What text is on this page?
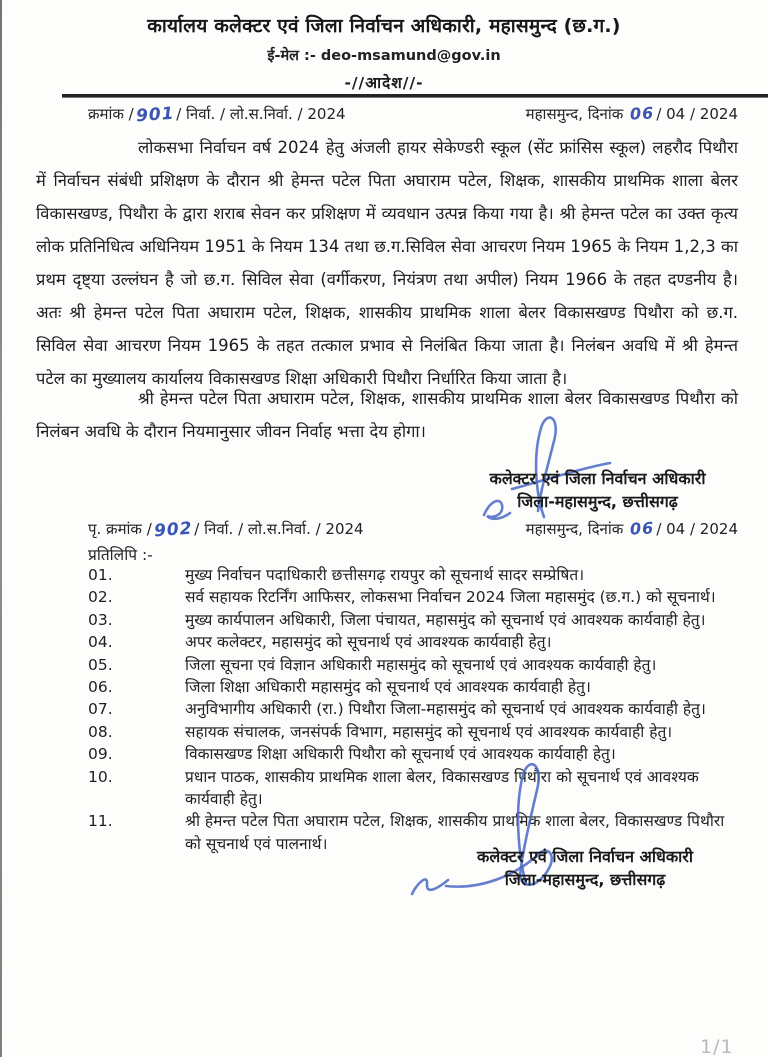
कार्यालय कलेक्टर एवं जिला निर्वाचन अधिकारी, महासमुन्द (छ.ग.)
ई-मेल :- deo-msamund@gov.in
-//आदेश//-
क्रमांक /901/ निर्वा. / लो.स.निर्वा. / 2024	महासमुन्द, दिनांक 06 / 04 / 2024
लोकसभा निर्वाचन वर्ष 2024 हेतु अंजली हायर सेकेण्डरी स्कूल (सेंट फ्रांसिस स्कूल) लहरौद पिथौरा में निर्वाचन संबंधी प्रशिक्षण के दौरान श्री हेमन्त पटेल पिता अघाराम पटेल, शिक्षक, शासकीय प्राथमिक शाला बेलर विकासखण्ड, पिथौरा के द्वारा शराब सेवन कर प्रशिक्षण में व्यवधान उत्पन्न किया गया है। श्री हेमन्त पटेल का उक्त कृत्य लोक प्रतिनिधित्व अधिनियम 1951 के नियम 134 तथा छ.ग.सिविल सेवा आचरण नियम 1965 के नियम 1,2,3 का प्रथम दृष्ट्या उल्लंघन है जो छ.ग. सिविल सेवा (वर्गीकरण, नियंत्रण तथा अपील) नियम 1966 के तहत दण्डनीय है। अतः श्री हेमन्त पटेल पिता अघाराम पटेल, शिक्षक, शासकीय प्राथमिक शाला बेलर विकासखण्ड पिथौरा को छ.ग. सिविल सेवा आचरण नियम 1965 के तहत तत्काल प्रभाव से निलंबित किया जाता है। निलंबन अवधि में श्री हेमन्त पटेल का मुख्यालय कार्यालय विकासखण्ड शिक्षा अधिकारी पिथौरा निर्धारित किया जाता है।
श्री हेमन्त पटेल पिता अघाराम पटेल, शिक्षक, शासकीय प्राथमिक शाला बेलर विकासखण्ड पिथौरा को निलंबन अवधि के दौरान नियमानुसार जीवन निर्वाह भत्ता देय होगा।
कलेक्टर एवं जिला निर्वाचन अधिकारी
जिला-महासमुन्द, छत्तीसगढ़
पृ. क्रमांक /902/ निर्वा. / लो.स.निर्वा. / 2024	महासमुन्द, दिनांक 06 / 04 / 2024
प्रतिलिपि :-
01.	मुख्य निर्वाचन पदाधिकारी छत्तीसगढ़ रायपुर को सूचनार्थ सादर सम्प्रेषित।
02.	सर्व सहायक रिटर्निंग आफिसर, लोकसभा निर्वाचन 2024 जिला महासमुंद (छ.ग.) को सूचनार्थ।
03.	मुख्य कार्यपालन अधिकारी, जिला पंचायत, महासमुंद को सूचनार्थ एवं आवश्यक कार्यवाही हेतु।
04.	अपर कलेक्टर, महासमुंद को सूचनार्थ एवं आवश्यक कार्यवाही हेतु।
05.	जिला सूचना एवं विज्ञान अधिकारी महासमुंद को सूचनार्थ एवं आवश्यक कार्यवाही हेतु।
06.	जिला शिक्षा अधिकारी महासमुंद को सूचनार्थ एवं आवश्यक कार्यवाही हेतु।
07.	अनुविभागीय अधिकारी (रा.) पिथौरा जिला-महासमुंद को सूचनार्थ एवं आवश्यक कार्यवाही हेतु।
08.	सहायक संचालक, जनसंपर्क विभाग, महासमुंद को सूचनार्थ एवं आवश्यक कार्यवाही हेतु।
09.	विकासखण्ड शिक्षा अधिकारी पिथौरा को सूचनार्थ एवं आवश्यक कार्यवाही हेतु।
10.	प्रधान पाठक, शासकीय प्राथमिक शाला बेलर, विकासखण्ड पिथौरा को सूचनार्थ एवं आवश्यक कार्यवाही हेतु।
11.	श्री हेमन्त पटेल पिता अघाराम पटेल, शिक्षक, शासकीय प्राथमिक शाला बेलर, विकासखण्ड पिथौरा को सूचनार्थ एवं पालनार्थ।
कलेक्टर एवं जिला निर्वाचन अधिकारी
जिला-महासमुन्द, छत्तीसगढ़
1/1
